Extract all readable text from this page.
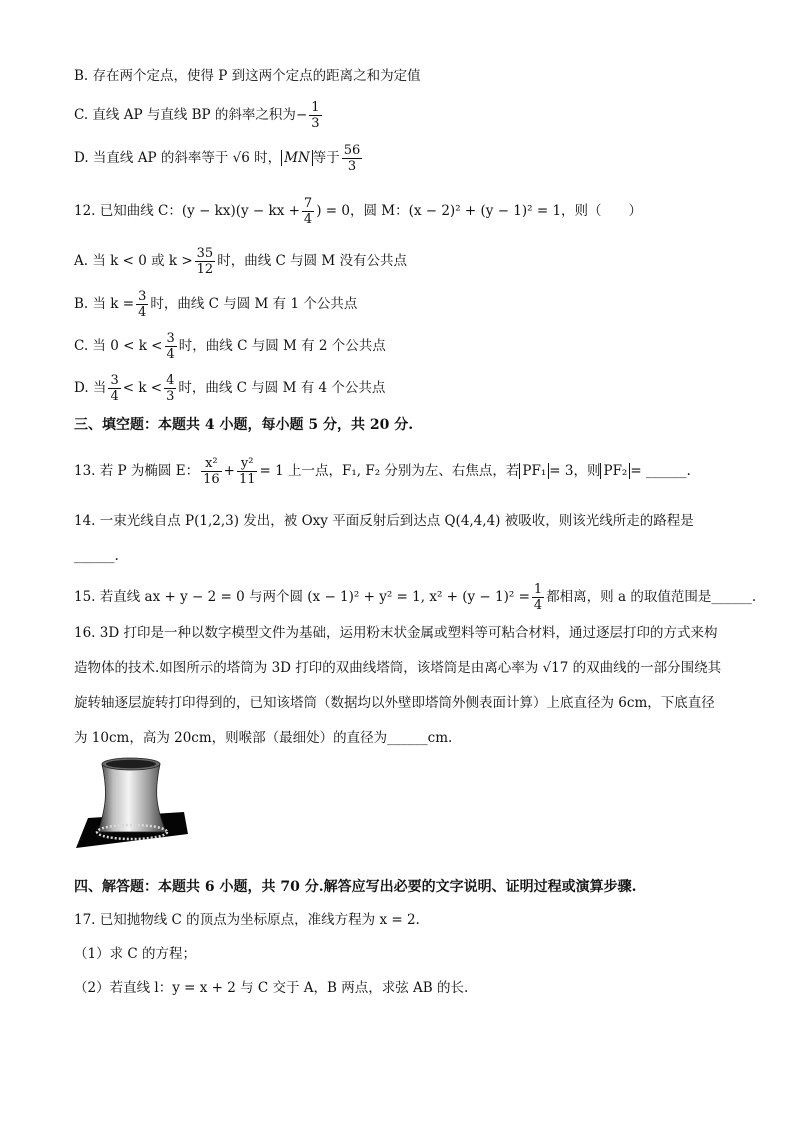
B. 存在两个定点，使得 P 到这两个定点的距离之和为定值
C. 直线 AP 与直线 BP 的斜率之积为− $\frac{1}{3}$
D. 当直线 AP 的斜率等于 √6 时， MN 等于 $\frac{56}{3}$
12. 已知曲线 C：(y − kx)(y − kx + $\frac{7}{4}$ ) = 0，圆 M：(x − 2)² + (y − 1)² = 1，则（　　）
A. 当 k < 0 或 $k > \frac{35}{12}$ 时，曲线 C 与圆 M 没有公共点
B. 当 $k = \frac{3}{4}$ 时，曲线 C 与圆 M 有 1 个公共点
C. 当 $0 < k < \frac{3}{4}$ 时，曲线 C 与圆 M 有 2 个公共点
D. 当 $\frac{3}{4} < k < \frac{4}{3}$ 时，曲线 C 与圆 M 有 4 个公共点
三、填空题：本题共 4 小题，每小题 5 分，共 20 分.
13. 若 P 为椭圆 E： $\frac{\text{x²}}{16} + \frac{\text{y²}}{11} = 1$ 上一点，F₁, F₂ 分别为左、右焦点，若 PF₁ = 3，则 PF₂ = ______.
14. 一束光线自点 P(1,2,3) 发出，被 Oxy 平面反射后到达点 Q(4,4,4) 被吸收，则该光线所走的路程是
______.
15. 若直线 ax + y − 2 = 0 与两个圆 (x − 1)² + y² = 1, $x^2 + (y - 1)^2 = \frac{1}{4}$ 都相离，则 a 的取值范围是______.
16. 3D 打印是一种以数字模型文件为基础，运用粉末状金属或塑料等可粘合材料，通过逐层打印的方式来构造物体的技术.如图所示的塔筒为 3D 打印的双曲线塔筒，该塔筒是由离心率为 √17 的双曲线的一部分围绕其旋转轴逐层旋转打印得到的，已知该塔筒（数据均以外壁即塔筒外侧表面计算）上底直径为 6cm，下底直径为 10cm，高为 20cm，则喉部（最细处）的直径为______cm.
四、解答题：本题共 6 小题，共 70 分.解答应写出必要的文字说明、证明过程或演算步骤.
17. 已知抛物线 C 的顶点为坐标原点，准线方程为 x = 2.
（1）求 C 的方程；
（2）若直线 l：y = x + 2 与 C 交于 A，B 两点，求弦 AB 的长.
